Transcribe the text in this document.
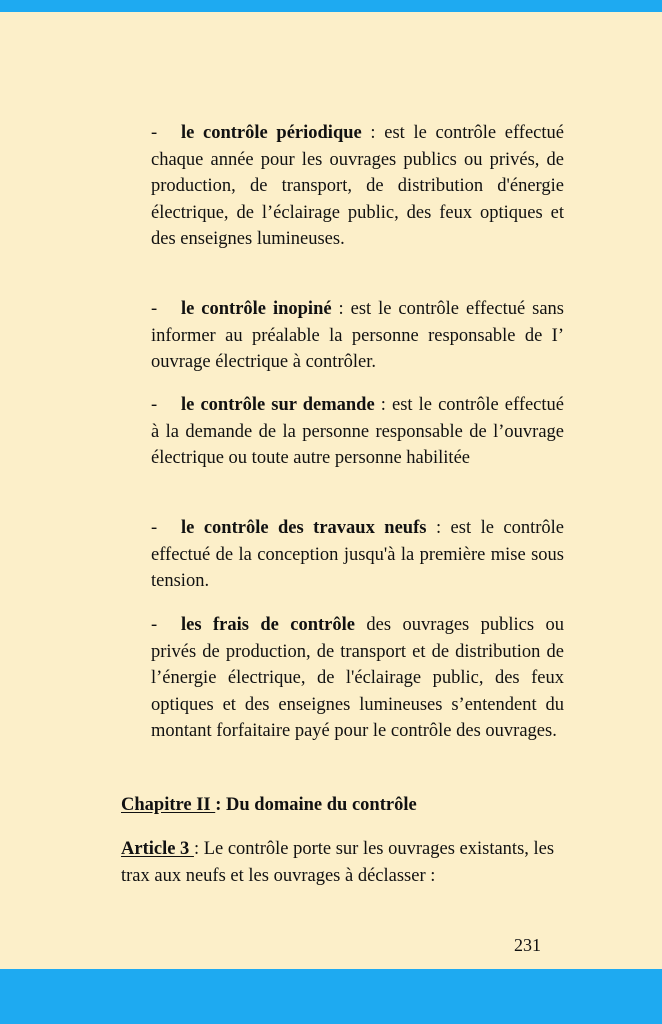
- le contrôle périodique : est le contrôle effectué chaque année pour les ouvrages publics ou privés, de production, de transport, de distribution d'énergie électrique, de l’éclairage public, des feux optiques et des enseignes lumineuses.
- le contrôle inopiné : est le contrôle effectué sans informer au préalable la personne responsable de I’ ouvrage électrique à contrôler.
- le contrôle sur demande : est le contrôle effectué à la demande de la personne responsable de l’ouvrage électrique ou toute autre personne habilitée
- le contrôle des travaux neufs : est le contrôle effectué de la conception jusqu'à la première mise sous tension.
- les frais de contrôle des ouvrages publics ou privés de production, de transport et de distribution de l’énergie électrique, de l'éclairage public, des feux optiques et des enseignes lumineuses s’entendent du montant forfaitaire payé pour le contrôle des ouvrages.
Chapitre II : Du domaine du contrôle
Article 3 : Le contrôle porte sur les ouvrages existants, les trax aux neufs et les ouvrages à déclasser :
231
